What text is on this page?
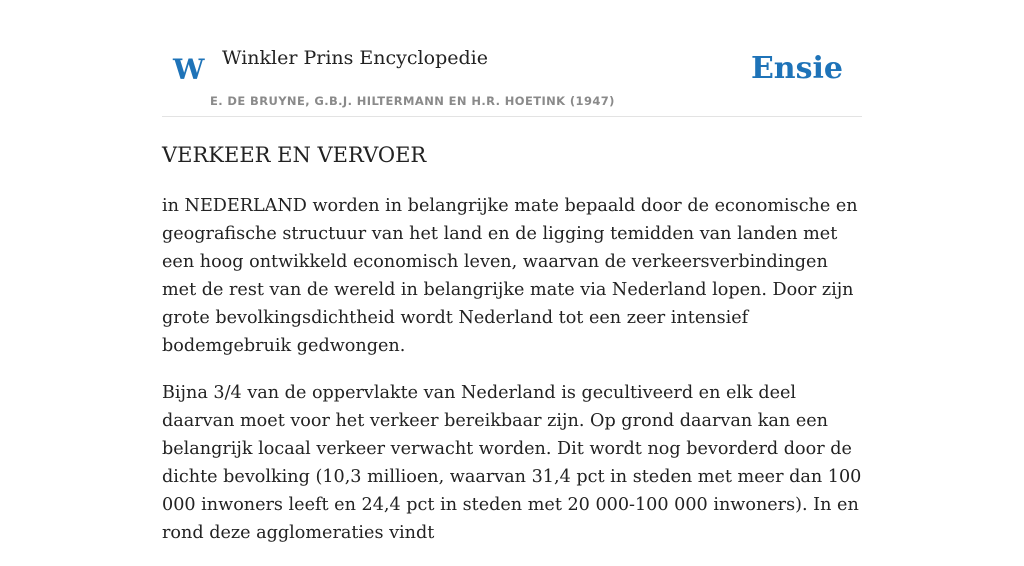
W Winkler Prins Encyclopedie
E. DE BRUYNE, G.B.J. HILTERMANN EN H.R. HOETINK (1947)
Ensie
VERKEER EN VERVOER

in NEDERLAND worden in belangrijke mate bepaald door de economische en geografische structuur van het land en de ligging temidden van landen met een hoog ontwikkeld economisch leven, waarvan de verkeersverbindingen met de rest van de wereld in belangrijke mate via Nederland lopen. Door zijn grote bevolkingsdichtheid wordt Nederland tot een zeer intensief bodemgebruik gedwongen.

Bijna 3/4 van de oppervlakte van Nederland is gecultiveerd en elk deel daarvan moet voor het verkeer bereikbaar zijn. Op grond daarvan kan een belangrijk locaal verkeer verwacht worden. Dit wordt nog bevorderd door de dichte bevolking (10,3 millioen, waarvan 31,4 pct in steden met meer dan 100 000 inwoners leeft en 24,4 pct in steden met 20 000-100 000 inwoners). In en rond deze agglomeraties vindt
